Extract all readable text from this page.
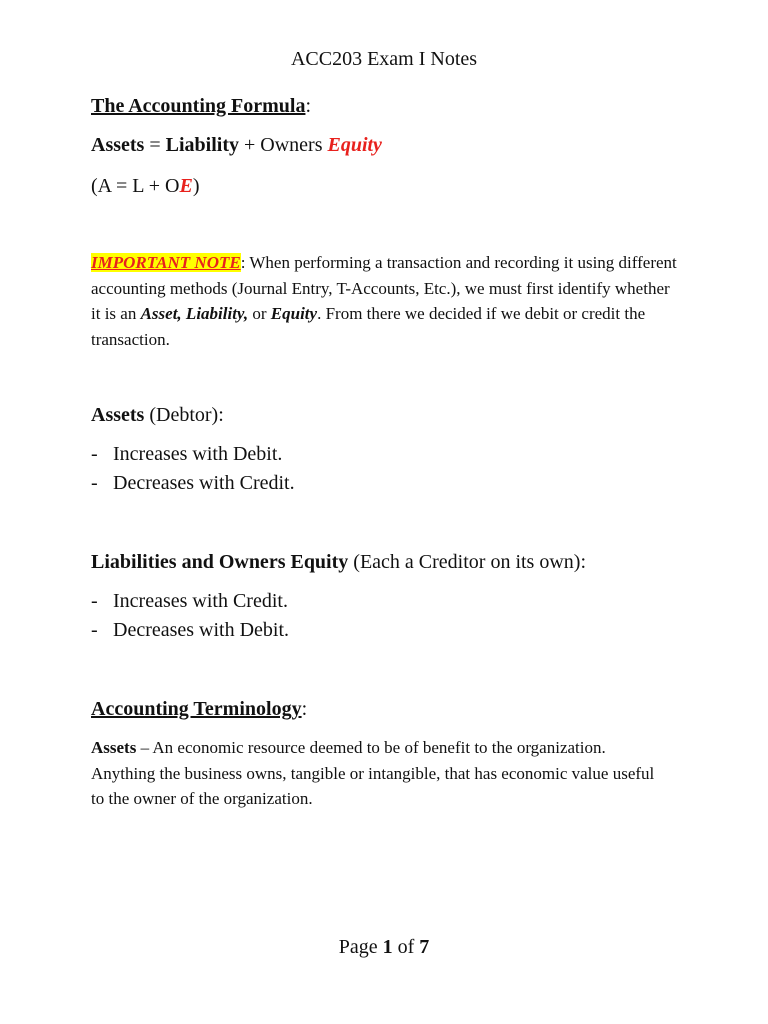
ACC203 Exam I Notes
The Accounting Formula:
Assets = Liability + Owners Equity
(A = L + OE)
IMPORTANT NOTE: When performing a transaction and recording it using different accounting methods (Journal Entry, T-Accounts, Etc.), we must first identify whether it is an Asset, Liability, or Equity. From there we decided if we debit or credit the transaction.
Assets (Debtor):
- Increases with Debit.
- Decreases with Credit.
Liabilities and Owners Equity (Each a Creditor on its own):
- Increases with Credit.
- Decreases with Debit.
Accounting Terminology:
Assets – An economic resource deemed to be of benefit to the organization. Anything the business owns, tangible or intangible, that has economic value useful to the owner of the organization.
Page 1 of 7
